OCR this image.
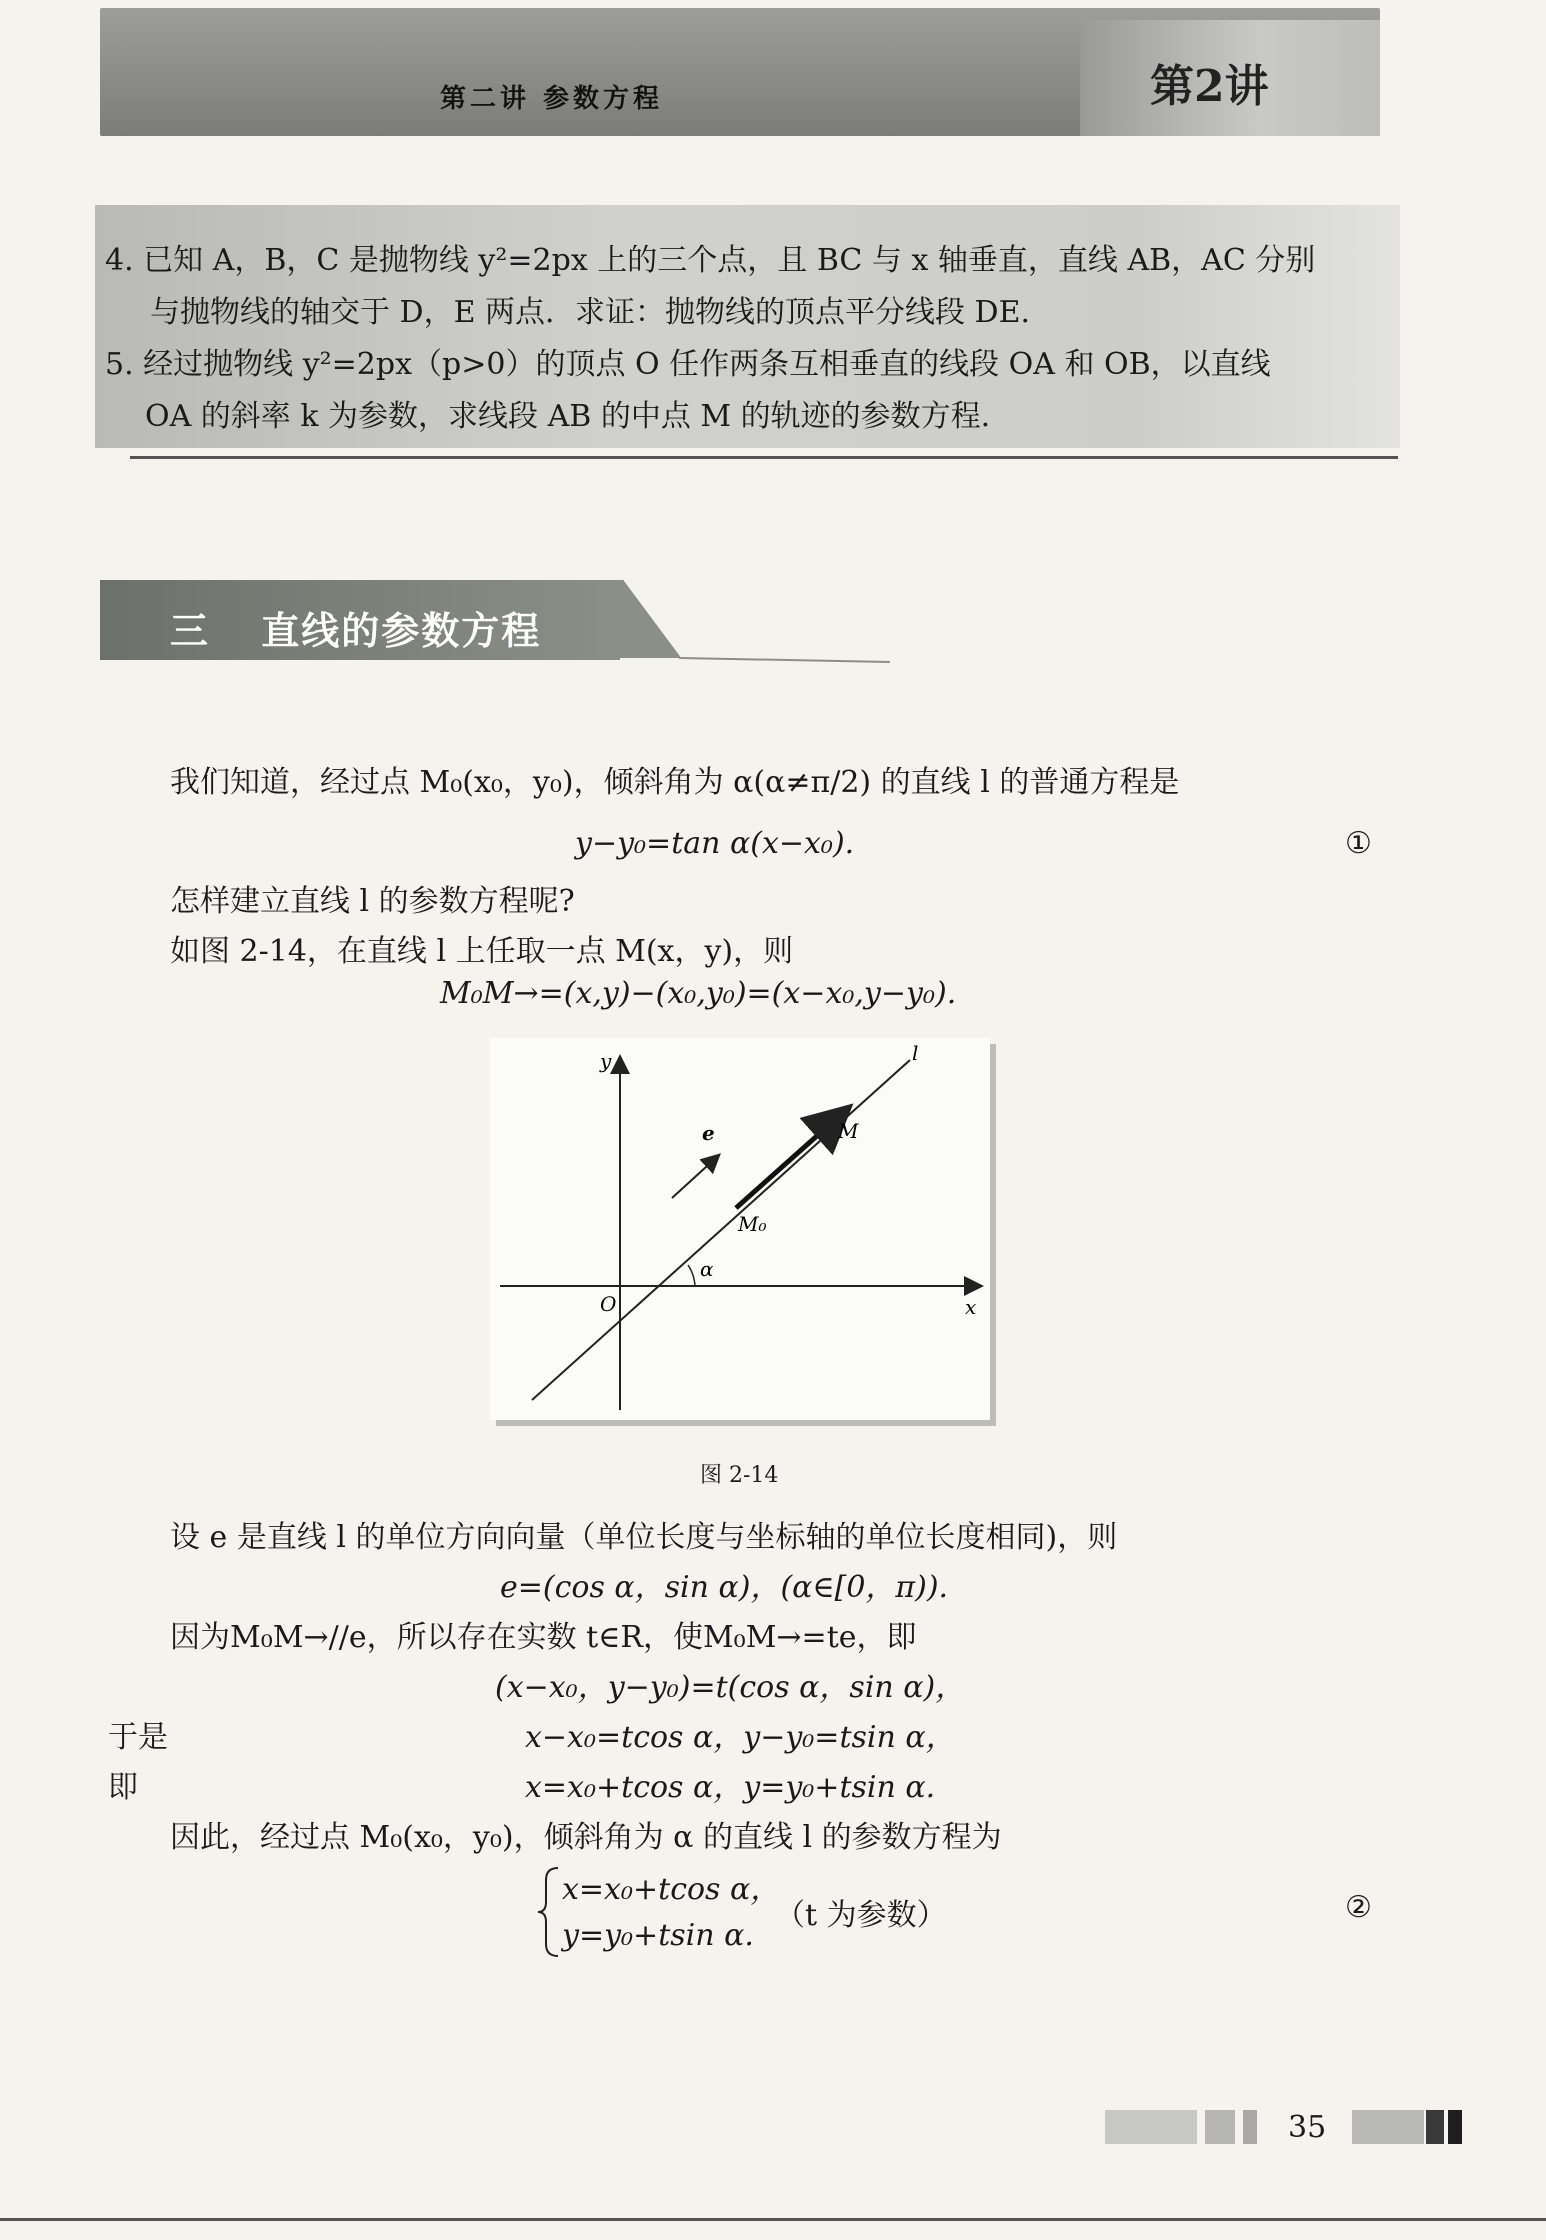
第二讲 参数方程	第2讲
4. 已知 A，B，C 是抛物线 y²=2px 上的三个点，且 BC 与 x 轴垂直，直线 AB，AC 分别
与抛物线的轴交于 D，E 两点．求证：抛物线的顶点平分线段 DE.
5. 经过抛物线 y²=2px（p>0）的顶点 O 任作两条互相垂直的线段 OA 和 OB，以直线
OA 的斜率 k 为参数，求线段 AB 的中点 M 的轨迹的参数方程.
三 直线的参数方程
我们知道，经过点 M₀(x₀，y₀)，倾斜角为 α(α≠π/2) 的直线 l 的普通方程是
y−y₀=tan α(x−x₀).	①
怎样建立直线 l 的参数方程呢?
如图 2-14，在直线 l 上任取一点 M(x，y)，则
M₀M→=(x,y)−(x₀,y₀)=(x−x₀,y−y₀).
y
x
O
l
e	M
M₀
α
图 2-14
设 e 是直线 l 的单位方向向量（单位长度与坐标轴的单位长度相同)，则
e=(cos α，sin α)，(α∈[0，π)).
因为M₀M→//e，所以存在实数 t∈R，使M₀M→=te，即
(x−x₀，y−y₀)=t(cos α，sin α)，
于是	x−x₀=tcos α，y−y₀=tsin α，
即	x=x₀+tcos α，y=y₀+tsin α.
因此，经过点 M₀(x₀，y₀)，倾斜角为 α 的直线 l 的参数方程为
x=x₀+tcos α，
y=y₀+tsin α.
（t 为参数）	②
35
